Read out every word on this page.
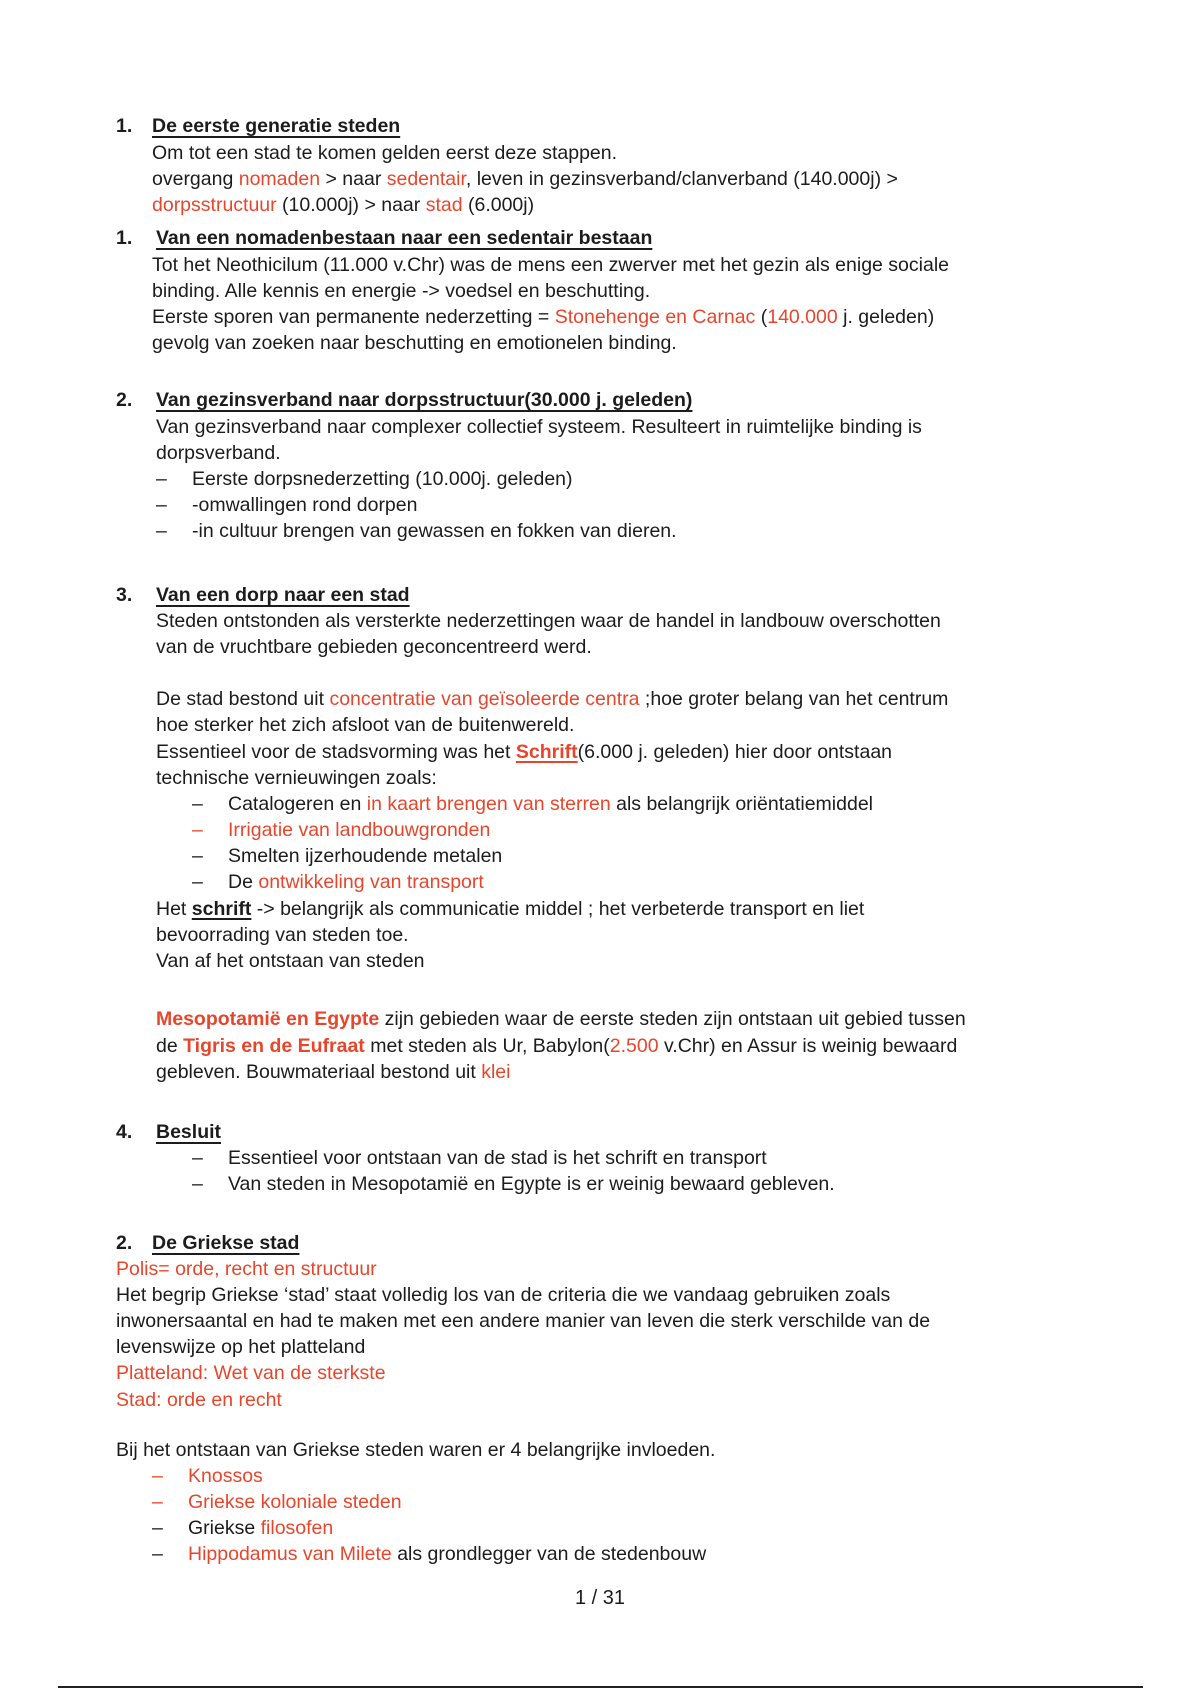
1. De eerste generatie steden
Om tot een stad te komen gelden eerst deze stappen.
overgang nomaden > naar sedentair, leven in gezinsverband/clanverband (140.000j) >
dorpsstructuur (10.000j) > naar stad (6.000j)
1. Van een nomadenbestaan naar een sedentair bestaan
Tot het Neothicilum (11.000 v.Chr) was de mens een zwerver met het gezin als enige sociale
binding. Alle kennis en energie -> voedsel en beschutting.
Eerste sporen van permanente nederzetting = Stonehenge en Carnac (140.000 j. geleden)
gevolg van zoeken naar beschutting en emotionelen binding.
2. Van gezinsverband naar dorpsstructuur(30.000 j. geleden)
Van gezinsverband naar complexer collectief systeem. Resulteert in ruimtelijke binding is
dorpsverband.
– Eerste dorpsnederzetting (10.000j. geleden)
– -omwallingen rond dorpen
– -in cultuur brengen van gewassen en fokken van dieren.
3. Van een dorp naar een stad
Steden ontstonden als versterkte nederzettingen waar de handel in landbouw overschotten
van de vruchtbare gebieden geconcentreerd werd.
De stad bestond uit concentratie van geïsoleerde centra ;hoe groter belang van het centrum
hoe sterker het zich afsloot van de buitenwereld.
Essentieel voor de stadsvorming was het Schrift(6.000 j. geleden) hier door ontstaan
technische vernieuwingen zoals:
– Catalogeren en in kaart brengen van sterren als belangrijk oriëntatiemiddel
– Irrigatie van landbouwgronden
– Smelten ijzerhoudende metalen
– De ontwikkeling van transport
Het schrift -> belangrijk als communicatie middel ; het verbeterde transport en liet
bevoorrading van steden toe.
Van af het ontstaan van steden
Mesopotamië en Egypte zijn gebieden waar de eerste steden zijn ontstaan uit gebied tussen
de Tigris en de Eufraat met steden als Ur, Babylon(2.500 v.Chr) en Assur is weinig bewaard
gebleven. Bouwmateriaal bestond uit klei
4. Besluit
– Essentieel voor ontstaan van de stad is het schrift en transport
– Van steden in Mesopotamië en Egypte is er weinig bewaard gebleven.
2. De Griekse stad
Polis= orde, recht en structuur
Het begrip Griekse ‘stad’ staat volledig los van de criteria die we vandaag gebruiken zoals
inwonersaantal en had te maken met een andere manier van leven die sterk verschilde van de
levenswijze op het platteland
Platteland: Wet van de sterkste
Stad: orde en recht
Bij het ontstaan van Griekse steden waren er 4 belangrijke invloeden.
– Knossos
– Griekse koloniale steden
– Griekse filosofen
– Hippodamus van Milete als grondlegger van de stedenbouw
1 / 31
